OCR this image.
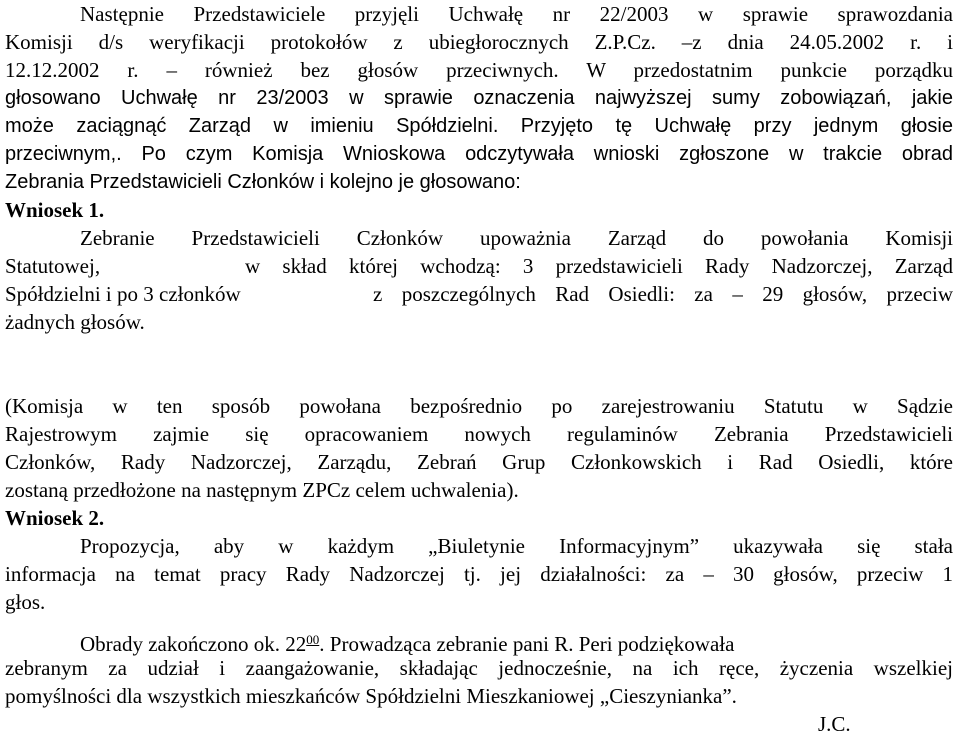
Następnie Przedstawiciele przyjęli Uchwałę nr 22/2003 w sprawie sprawozdania
Komisji d/s weryfikacji protokołów z ubiegłorocznych Z.P.Cz. –z dnia 24.05.2002 r. i
12.12.2002 r. – również bez głosów przeciwnych. W przedostatnim punkcie porządku
głosowano Uchwałę nr 23/2003 w sprawie oznaczenia najwyższej sumy zobowiązań, jakie
może zaciągnąć Zarząd w imieniu Spółdzielni. Przyjęto tę Uchwałę przy jednym głosie
przeciwnym,. Po czym Komisja Wnioskowa odczytywała wnioski zgłoszone w trakcie obrad
Zebrania Przedstawicieli Członków i kolejno je głosowano:
Wniosek 1.
Zebranie Przedstawicieli Członków upoważnia Zarząd do powołania Komisji
Statutowej,	w skład której wchodzą: 3 przedstawicieli Rady Nadzorczej, Zarząd
Spółdzielni i po 3 członków	z poszczególnych Rad Osiedli: za – 29 głosów, przeciw
żadnych głosów.
(Komisja w ten sposób powołana bezpośrednio po zarejestrowaniu Statutu w Sądzie
Rajestrowym zajmie się opracowaniem nowych regulaminów Zebrania Przedstawicieli
Członków, Rady Nadzorczej, Zarządu, Zebrań Grup Członkowskich i Rad Osiedli, które
zostaną przedłożone na następnym ZPCz celem uchwalenia).
Wniosek 2.
Propozycja, aby w każdym „Biuletynie Informacyjnym” ukazywała się stała
informacja na temat pracy Rady Nadzorczej tj. jej działalności: za – 30 głosów, przeciw 1
głos.
Obrady zakończono ok. $22^{00}$. Prowadząca zebranie pani R. Peri podziękowała
zebranym za udział i zaangażowanie, składając jednocześnie, na ich ręce, życzenia wszelkiej
pomyślności dla wszystkich mieszkańców Spółdzielni Mieszkaniowej „Cieszynianka”.
J.C.
